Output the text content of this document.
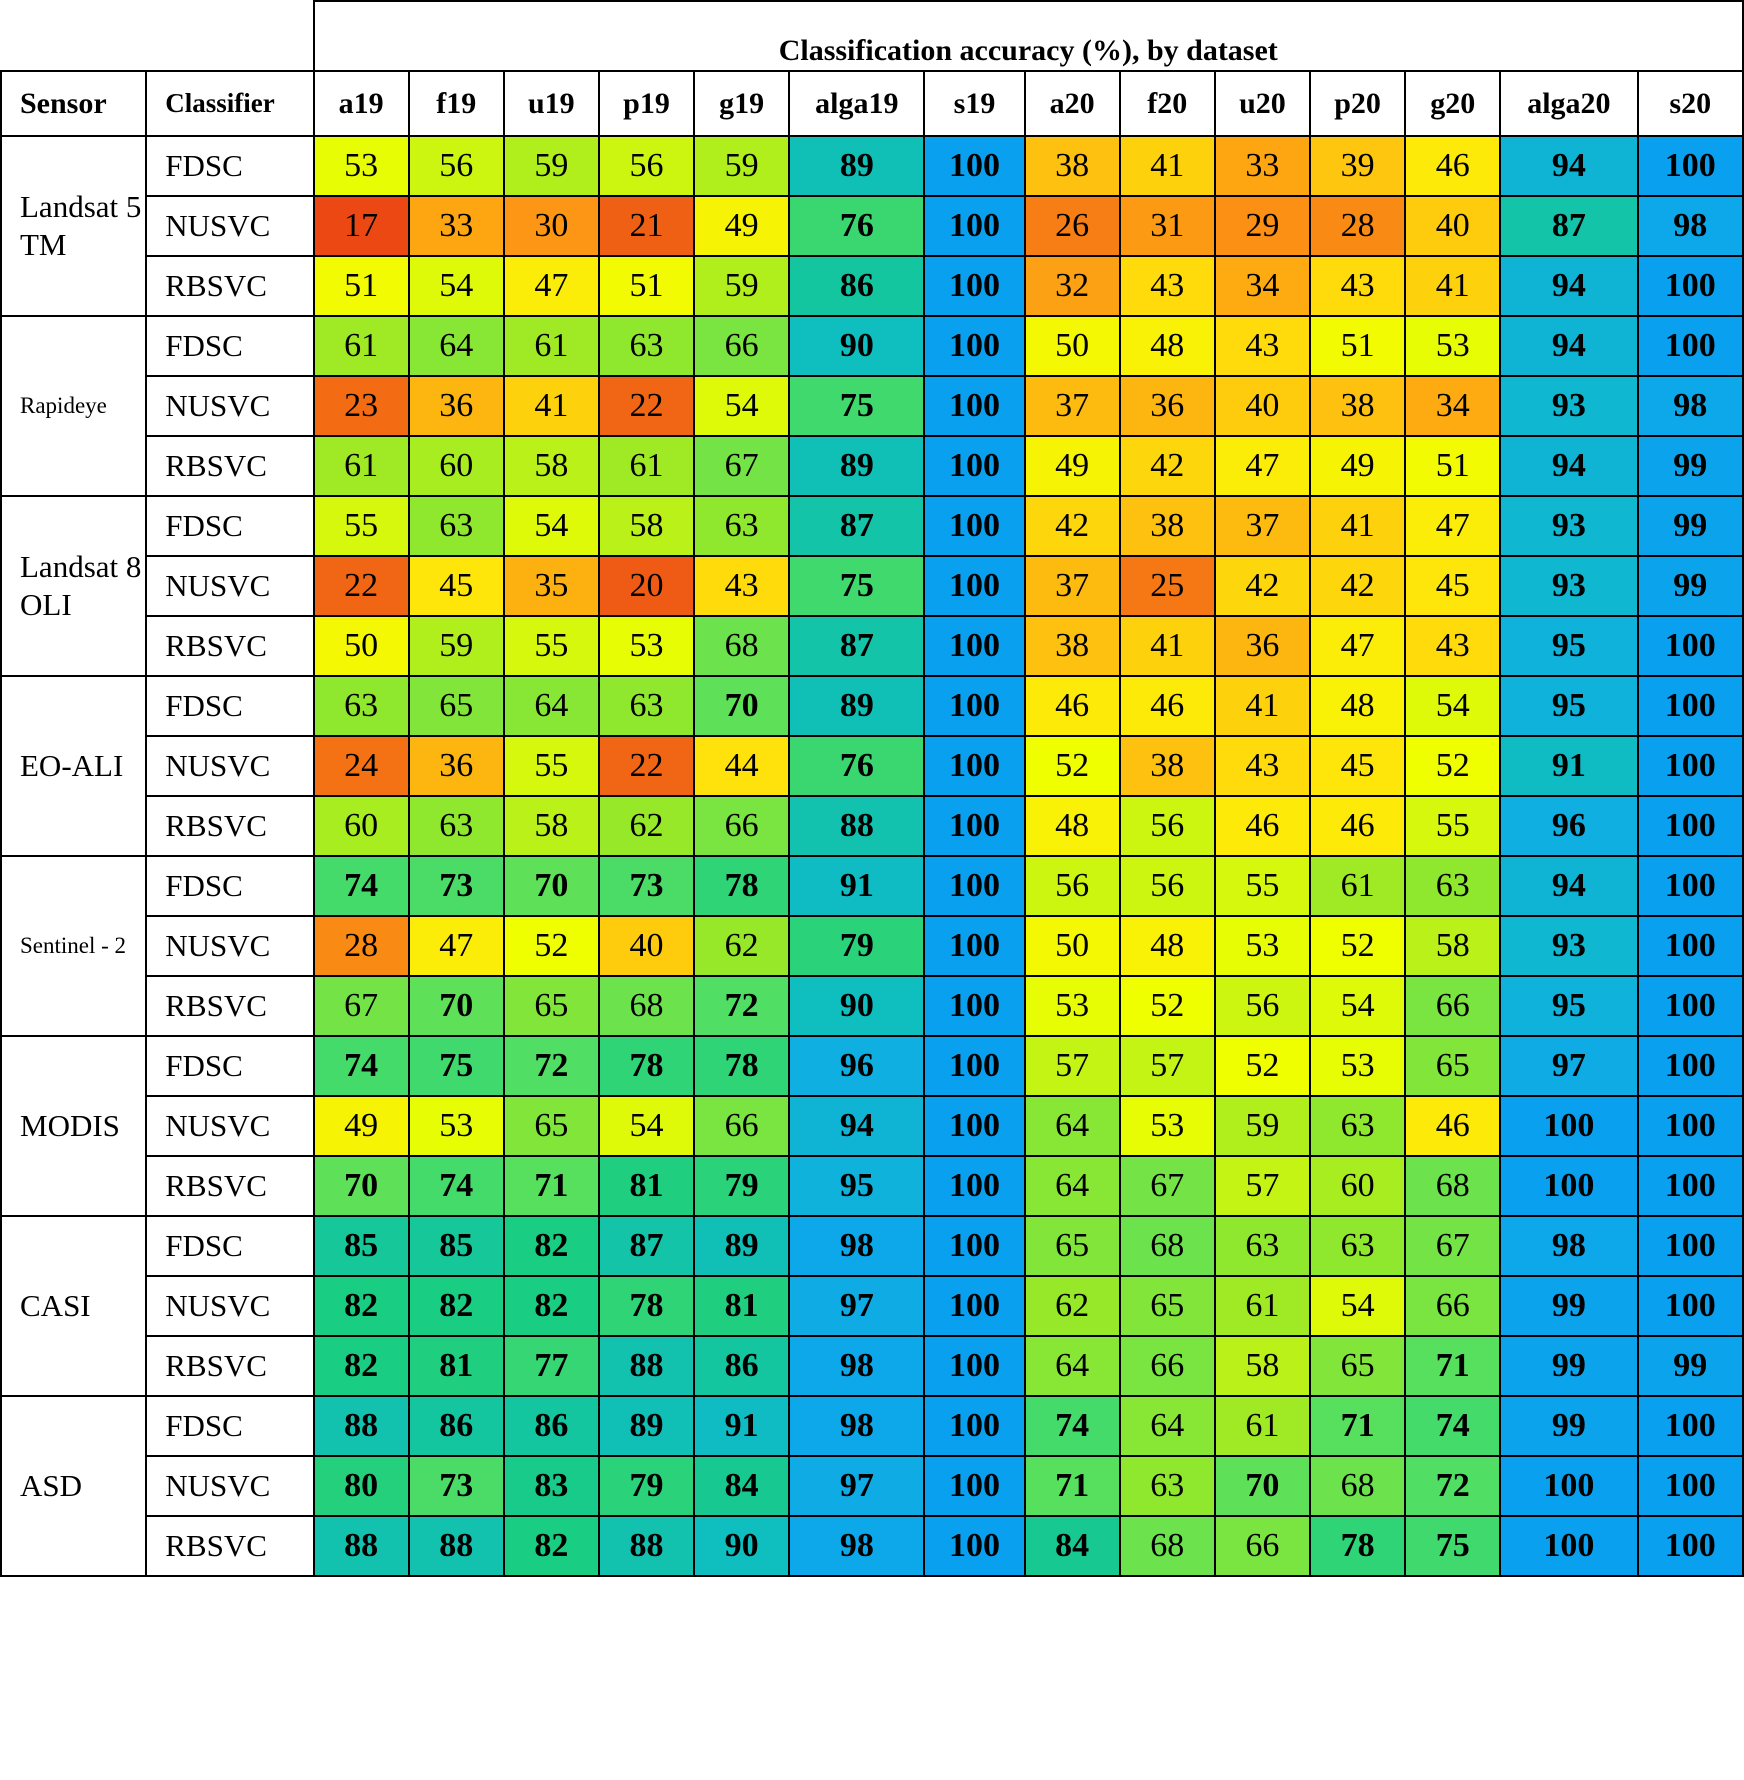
		Classification accuracy (%), by dataset													
Sensor	Classifier	a19	f19	u19	p19	g19	alga19	s19	a20	f20	u20	p20	g20	alga20	s20
Landsat 5 TM	FDSC	53	56	59	56	59	89	100	38	41	33	39	46	94	100
	NUSVC	17	33	30	21	49	76	100	26	31	29	28	40	87	98
	RBSVC	51	54	47	51	59	86	100	32	43	34	43	41	94	100
Rapideye	FDSC	61	64	61	63	66	90	100	50	48	43	51	53	94	100
	NUSVC	23	36	41	22	54	75	100	37	36	40	38	34	93	98
	RBSVC	61	60	58	61	67	89	100	49	42	47	49	51	94	99
Landsat 8 OLI	FDSC	55	63	54	58	63	87	100	42	38	37	41	47	93	99
	NUSVC	22	45	35	20	43	75	100	37	25	42	42	45	93	99
	RBSVC	50	59	55	53	68	87	100	38	41	36	47	43	95	100
EO-ALI	FDSC	63	65	64	63	70	89	100	46	46	41	48	54	95	100
	NUSVC	24	36	55	22	44	76	100	52	38	43	45	52	91	100
	RBSVC	60	63	58	62	66	88	100	48	56	46	46	55	96	100
Sentinel - 2	FDSC	74	73	70	73	78	91	100	56	56	55	61	63	94	100
	NUSVC	28	47	52	40	62	79	100	50	48	53	52	58	93	100
	RBSVC	67	70	65	68	72	90	100	53	52	56	54	66	95	100
MODIS	FDSC	74	75	72	78	78	96	100	57	57	52	53	65	97	100
	NUSVC	49	53	65	54	66	94	100	64	53	59	63	46	100	100
	RBSVC	70	74	71	81	79	95	100	64	67	57	60	68	100	100
CASI	FDSC	85	85	82	87	89	98	100	65	68	63	63	67	98	100
	NUSVC	82	82	82	78	81	97	100	62	65	61	54	66	99	100
	RBSVC	82	81	77	88	86	98	100	64	66	58	65	71	99	99
ASD	FDSC	88	86	86	89	91	98	100	74	64	61	71	74	99	100
	NUSVC	80	73	83	79	84	97	100	71	63	70	68	72	100	100
	RBSVC	88	88	82	88	90	98	100	84	68	66	78	75	100	100
